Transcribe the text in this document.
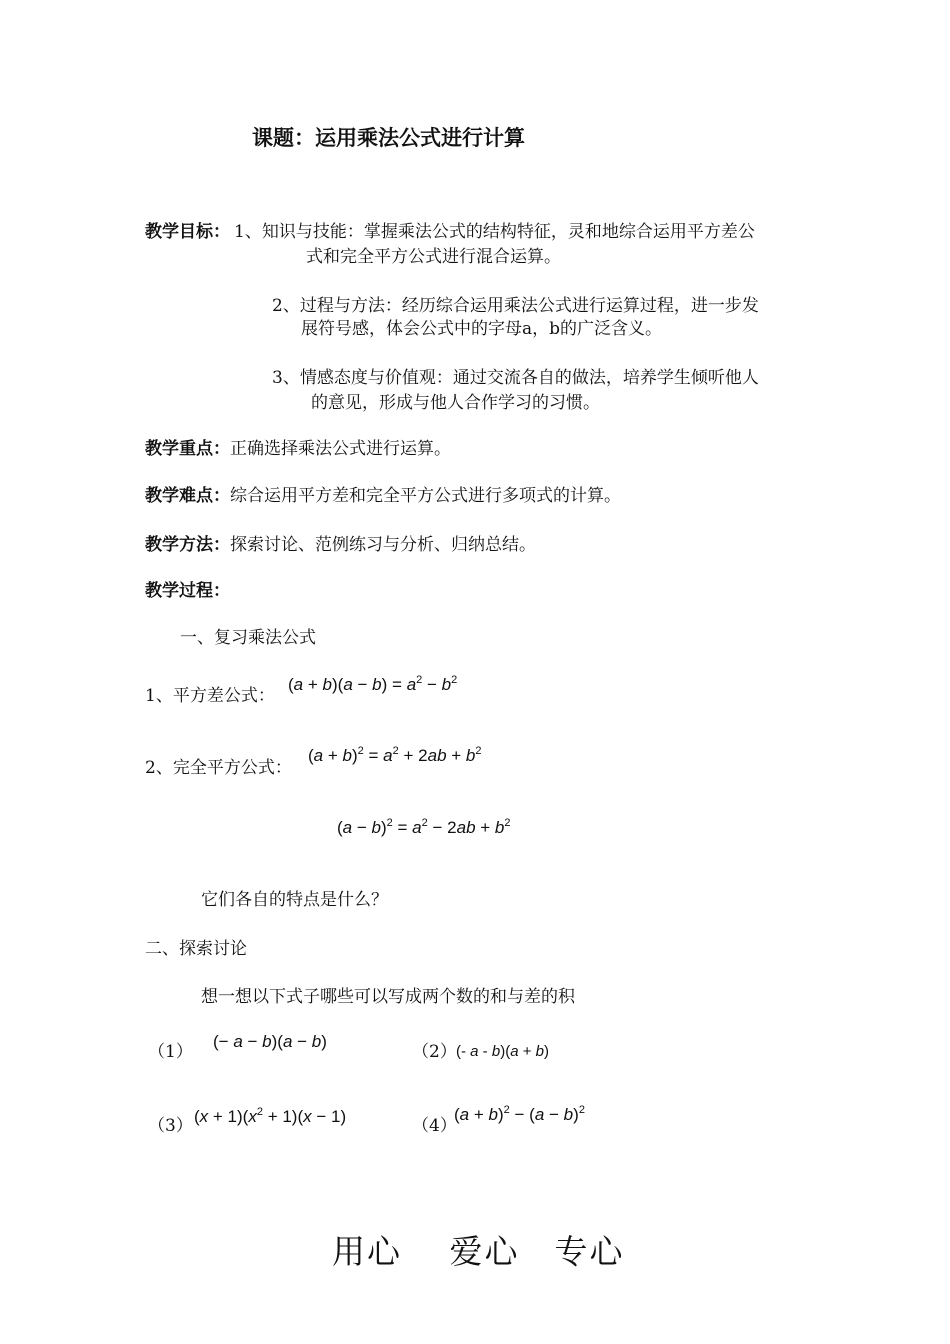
课题：运用乘法公式进行计算
教学目标： 1、知识与技能：掌握乘法公式的结构特征，灵和地综合运用平方差公
式和完全平方公式进行混合运算。
2、过程与方法：经历综合运用乘法公式进行运算过程，进一步发
展符号感，体会公式中的字母a，b的广泛含义。
3、情感态度与价值观：通过交流各自的做法，培养学生倾听他人
的意见，形成与他人合作学习的习惯。
教学重点：正确选择乘法公式进行运算。
教学难点：综合运用平方差和完全平方公式进行多项式的计算。
教学方法：探索讨论、范例练习与分析、归纳总结。
教学过程：
一、复习乘法公式
1、平方差公式：
$(a + b)(a - b) = a^2 - b^2$
2、完全平方公式：
$(a + b)^2 = a^2 + 2ab + b^2$
$(a - b)^2 = a^2 - 2ab + b^2$
它们各自的特点是什么？
二、探索讨论
想一想以下式子哪些可以写成两个数的和与差的积
（1）
(− a − b)(a − b)
（2） (- a - b)(a + b)
（3） $(x + 1)(x^2 + 1)(x - 1)$	（4）
$(a + b)^2 - (a - b)^2$
用心　 爱心　专心
